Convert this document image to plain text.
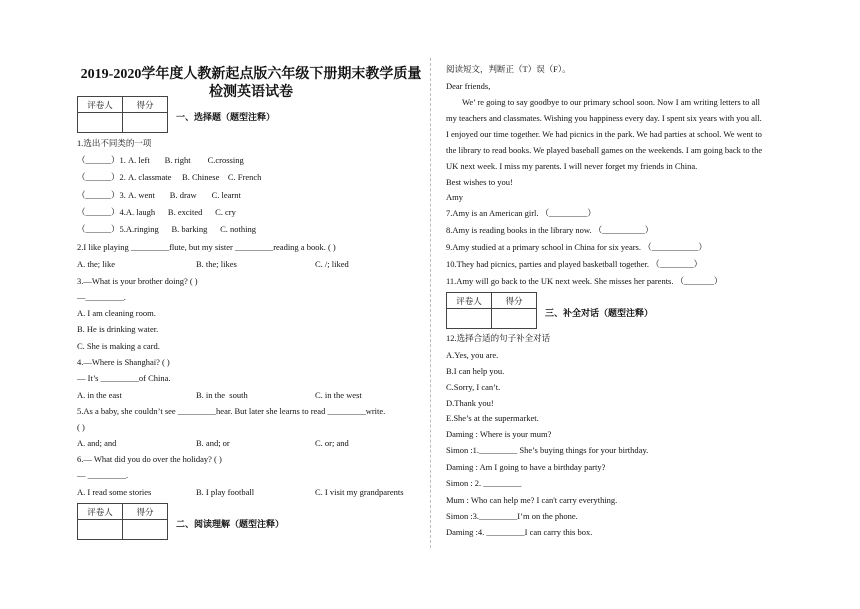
2019-2020学年度人教新起点版六年级下册期末教学质量检测英语试卷
评卷人	得分

一、选择题（题型注释）
1.选出不同类的一项
（______）1. A. left       B. right        C.crossing
（______）2. A. classmate     B. Chinese    C. French
（______）3. A. went       B. draw       C. learnt
（______）4.A. laugh      B. excited      C. cry
（______）5.A.ringing      B. barking      C. nothing
2.I like playing _________flute, but my sister _________reading a book. ( )
A. the; like	B. the; likes	C. /; liked
3.—What is your brother doing? ( )
—_________.
A. I am cleaning room.
B. He is drinking water.
C. She is making a card.
4.—Where is Shanghai? ( )
— It’s _________of China.
A. in the east	B. in the  south	C. in the west
5.As a baby, she couldn’t see _________hear. But later she learns to read _________write.
( )
A. and; and	B. and; or	C. or; and
6.— What did you do over the holiday? ( )
— _________.
A. I read some stories	B. I play football	C. I visit my grandparents
评卷人	得分

二、阅读理解（题型注释）
阅读短文，判断正（T）误（F）。
Dear friends,
We’ re going to say goodbye to our primary school soon. Now I am writing letters to all
my teachers and classmates. Wishing you happiness every day. I spent six years with you all.
I enjoyed our time together. We had picnics in the park. We had parties at school. We went to
the library to read books. We played baseball games on the weekends. I am going back to the
UK next week. I miss my parents. I will never forget my friends in China.
Best wishes to you!
Amy
7.Amy is an American girl. （_________）
8.Amy is reading books in the library now. （__________）
9.Amy studied at a primary school in China for six years. （___________）
10.They had picnics, parties and played basketball together. （________）
11.Amy will go back to the UK next week. She misses her parents. （_______）
评卷人	得分

三、补全对话（题型注释）
12.选择合适的句子补全对话
A.Yes, you are.
B.I can help you.
C.Sorry, I can’t.
D.Thank you!
E.She’s at the supermarket.
Daming : Where is your mum?
Simon :1._________ She’s buying things for your birthday.
Daming : Am I going to have a birthday party?
Simon : 2. _________
Mum : Who can help me? I can't carry everything.
Simon :3._________I’m on the phone.
Daming :4. _________I can carry this box.
